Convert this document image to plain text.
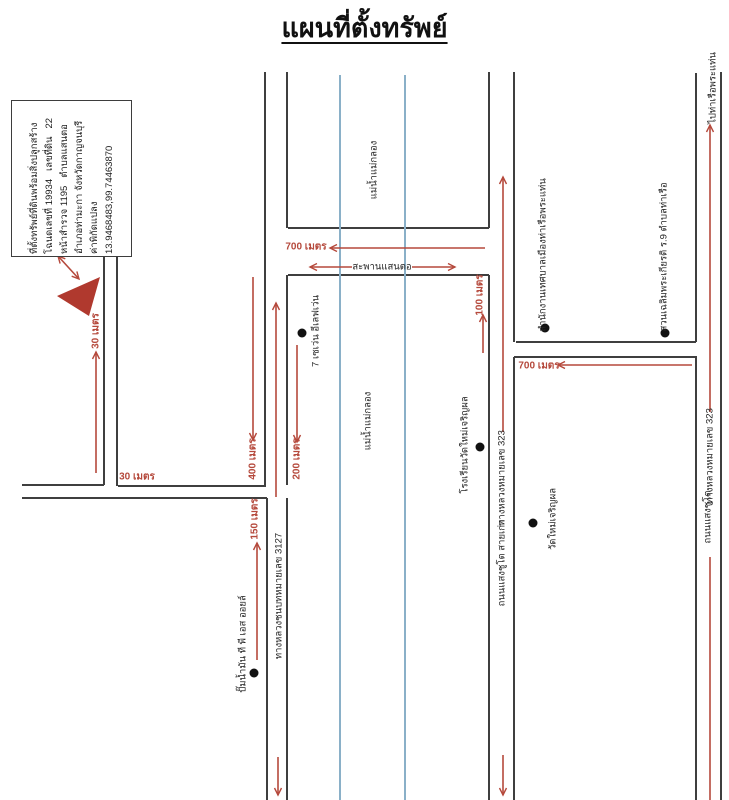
แผนที่ตั้งทรัพย์
ที่ตั้งทรัพย์ที่ดินพร้อมสิ่งปลูกสร้าง โฉนดเลขที่ 19934   เลขที่ดิน   22 หน้าสำรวจ 1195   ตำบลแสนตอ อำเภอท่ามะกา จังหวัดกาญจนบุรี ค่าพิกัดแปลง 13.9468483,99.74463870
30 เมตร
30 เมตร	400 เมตร	200 เมตร
150 เมตร
700 เมตร
100 เมตร
700 เมตร
สะพานแสนตอ
แม่น้ำแม่กลอง
แม่น้ำแม่กลอง
ทางหลวงหมายเลข 323
ถนนแสงชูโต สายเก่า
ทางหลวงหมายเลข 323
ถนนแสงชูโต
ทางหลวงชนบทหมายเลข 3127
ไปท่าเรือพระแท่น
7 เซเว่น อีเลฟเว่น
โรงเรียนวัดใหม่เจริญผล
สำนักงานเทศบาลเมืองท่าเรือพระแท่น	สวนเฉลิมพระเกียรติ ร.9 ตำบลท่าเรือ
วัดใหม่เจริญผล
ปั๊มน้ำมัน ที พี เอส ออยล์
